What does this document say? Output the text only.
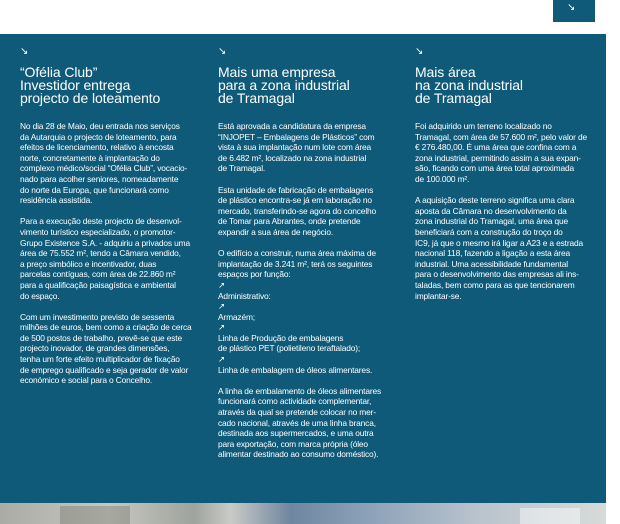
↘
↘
“Ofélia Club”
Investidor entrega
projecto de loteamento

No dia 28 de Maio, deu entrada nos serviços
da Autarquia o projecto de loteamento, para
efeitos de licenciamento, relativo à encosta
norte, concretamente à implantação do
complexo médico/social “Ofélia Club”, vocacio-
nado para acolher seniores, nomeadamente
do norte da Europa, que funcionará como
residência assistida.

Para a execução deste projecto de desenvol-
vimento turístico especializado, o promotor-
Grupo Existence S.A. - adquiriu a privados uma
área de 75.552 m², tendo a Câmara vendido,
a preço simbólico e incentivador, duas
parcelas contíguas, com área de 22.860 m²
para a qualificação paisagística e ambiental
do espaço.

Com um investimento previsto de sessenta
milhões de euros, bem como a criação de cerca
de 500 postos de trabalho, prevê-se que este
projecto inovador, de grandes dimensões,
tenha um forte efeito multiplicador de fixação
de emprego qualificado e seja gerador de valor
económico e social para o Concelho.

↘
Mais uma empresa
para a zona industrial
de Tramagal

Está aprovada a candidatura da empresa
“INJOPET – Embalagens de Plásticos” com
vista à sua implantação num lote com área
de 6.482 m², localizado na zona industrial
de Tramagal.

Esta unidade de fabricação de embalagens
de plástico encontra-se já em laboração no
mercado, transferindo-se agora do concelho
de Tomar para Abrantes, onde pretende
expandir a sua área de negócio.

O edifício a construir, numa área máxima de
implantação de 3.241 m², terá os seguintes
espaços por função:
↗
Administrativo:
↗
Armazém;
↗
Linha de Produção de embalagens
de plástico PET (polietileno teraftalado);
↗
Linha de embalagem de óleos alimentares.

A linha de embalamento de óleos alimentares
funcionará como actividade complementar,
através da qual se pretende colocar no mer-
cado nacional, através de uma linha branca,
destinada aos supermercados, e uma outra
para exportação, com marca própria (óleo
alimentar destinado ao consumo doméstico).

↘
Mais área
na zona industrial
de Tramagal

Foi adquirido um terreno localizado no
Tramagal, com área de 57.600 m², pelo valor de
€ 276.480,00. É uma área que confina com a
zona industrial, permitindo assim a sua expan-
são, ficando com uma área total aproximada
de 100.000 m².

A aquisição deste terreno significa uma clara
aposta da Câmara no desenvolvimento da
zona industrial do Tramagal, uma área que
beneficiará com a construção do troço do
IC9, já que o mesmo irá ligar a A23 e a estrada
nacional 118, fazendo a ligação a esta área
industrial. Uma acessibilidade fundamental
para o desenvolvimento das empresas ali ins-
taladas, bem como para as que tencionarem
implantar-se.
